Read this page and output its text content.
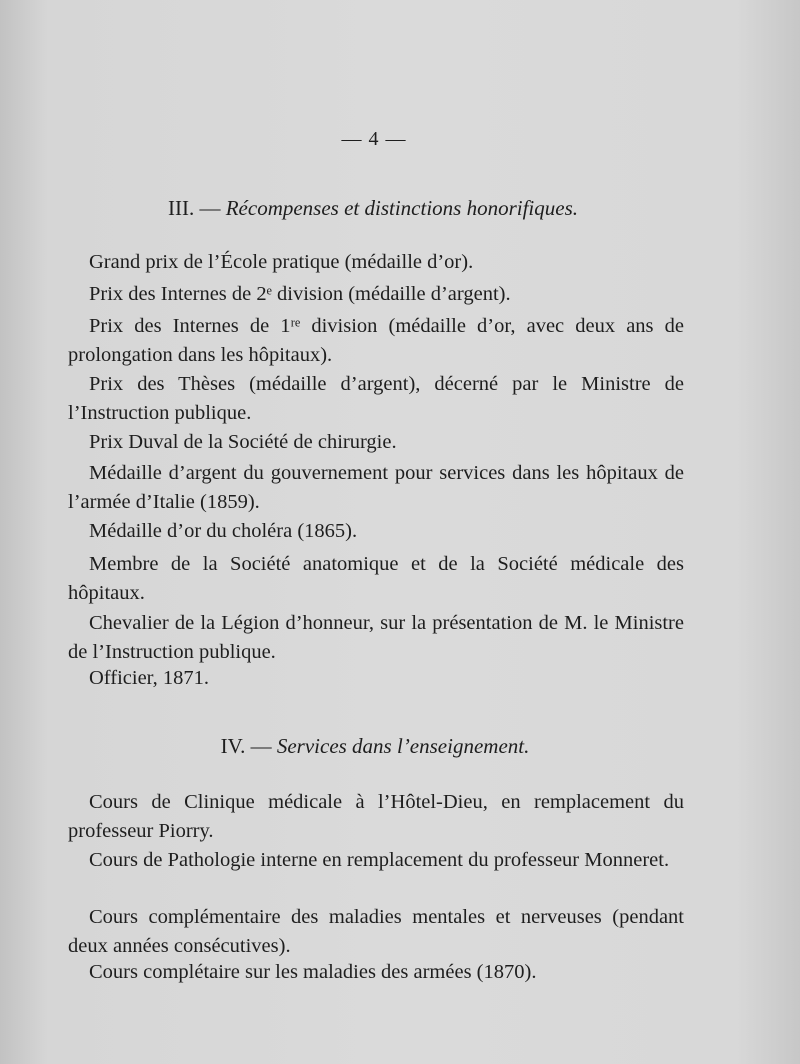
— 4 —
III. — Récompenses et distinctions honorifiques.

Grand prix de l’École pratique (médaille d’or).

Prix des Internes de 2ᵉ division (médaille d’argent).

Prix des Internes de 1ʳᵉ division (médaille d’or, avec deux ans de prolongation dans les hôpitaux).

Prix des Thèses (médaille d’argent), décerné par le Ministre de l’Instruction publique.

Prix Duval de la Société de chirurgie.

Médaille d’argent du gouvernement pour services dans les hôpitaux de l’armée d’Italie (1859).

Médaille d’or du choléra (1865).

Membre de la Société anatomique et de la Société médicale des hôpitaux.

Chevalier de la Légion d’honneur, sur la présentation de M. le Ministre de l’Instruction publique.

Officier, 1871.

IV. — Services dans l’enseignement.

Cours de Clinique médicale à l’Hôtel-Dieu, en remplacement du professeur Piorry.

Cours de Pathologie interne en remplacement du professeur Monneret.

Cours complémentaire des maladies mentales et nerveuses (pendant deux années consécutives).

Cours complétaire sur les maladies des armées (1870).
